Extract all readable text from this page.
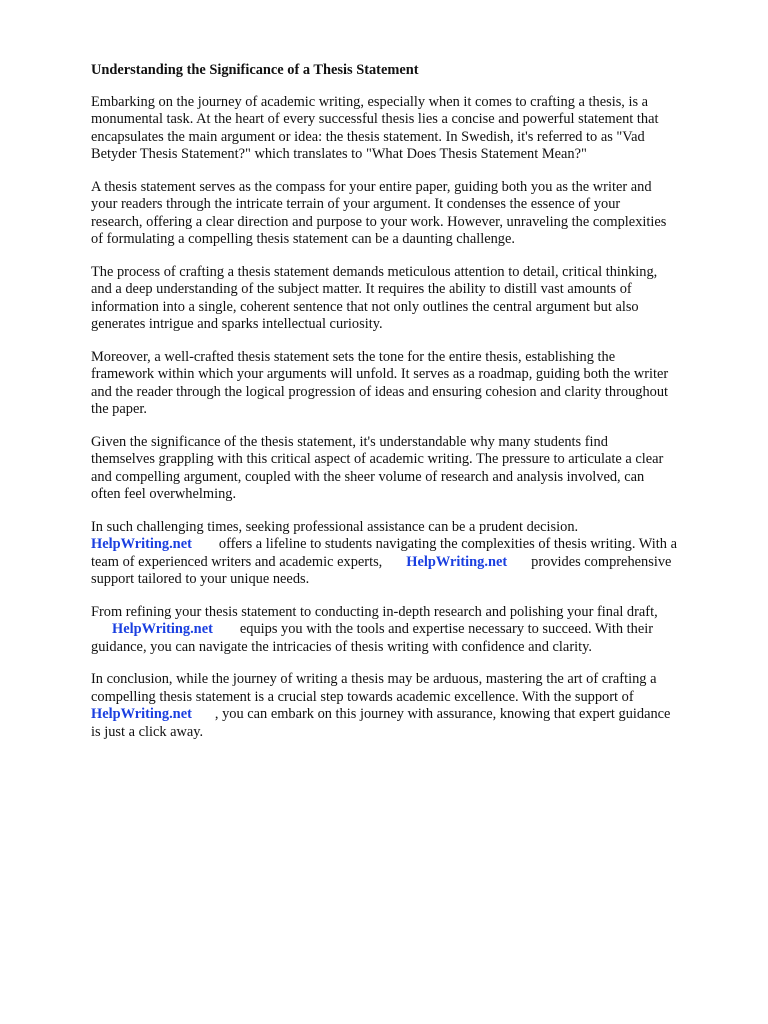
Understanding the Significance of a Thesis Statement

Embarking on the journey of academic writing, especially when it comes to crafting a thesis, is a
monumental task. At the heart of every successful thesis lies a concise and powerful statement that
encapsulates the main argument or idea: the thesis statement. In Swedish, it's referred to as "Vad
Betyder Thesis Statement?" which translates to "What Does Thesis Statement Mean?"

A thesis statement serves as the compass for your entire paper, guiding both you as the writer and
your readers through the intricate terrain of your argument. It condenses the essence of your
research, offering a clear direction and purpose to your work. However, unraveling the complexities
of formulating a compelling thesis statement can be a daunting challenge.

The process of crafting a thesis statement demands meticulous attention to detail, critical thinking,
and a deep understanding of the subject matter. It requires the ability to distill vast amounts of
information into a single, coherent sentence that not only outlines the central argument but also
generates intrigue and sparks intellectual curiosity.

Moreover, a well-crafted thesis statement sets the tone for the entire thesis, establishing the
framework within which your arguments will unfold. It serves as a roadmap, guiding both the writer
and the reader through the logical progression of ideas and ensuring cohesion and clarity throughout
the paper.

Given the significance of the thesis statement, it's understandable why many students find
themselves grappling with this critical aspect of academic writing. The pressure to articulate a clear
and compelling argument, coupled with the sheer volume of research and analysis involved, can
often feel overwhelming.

In such challenging times, seeking professional assistance can be a prudent decision.
HelpWriting.net offers a lifeline to students navigating the complexities of thesis writing. With a
team of experienced writers and academic experts, HelpWriting.net provides comprehensive
support tailored to your unique needs.

From refining your thesis statement to conducting in-depth research and polishing your final draft,
HelpWriting.net equips you with the tools and expertise necessary to succeed. With their
guidance, you can navigate the intricacies of thesis writing with confidence and clarity.

In conclusion, while the journey of writing a thesis may be arduous, mastering the art of crafting a
compelling thesis statement is a crucial step towards academic excellence. With the support of
HelpWriting.net , you can embark on this journey with assurance, knowing that expert guidance
is just a click away.
